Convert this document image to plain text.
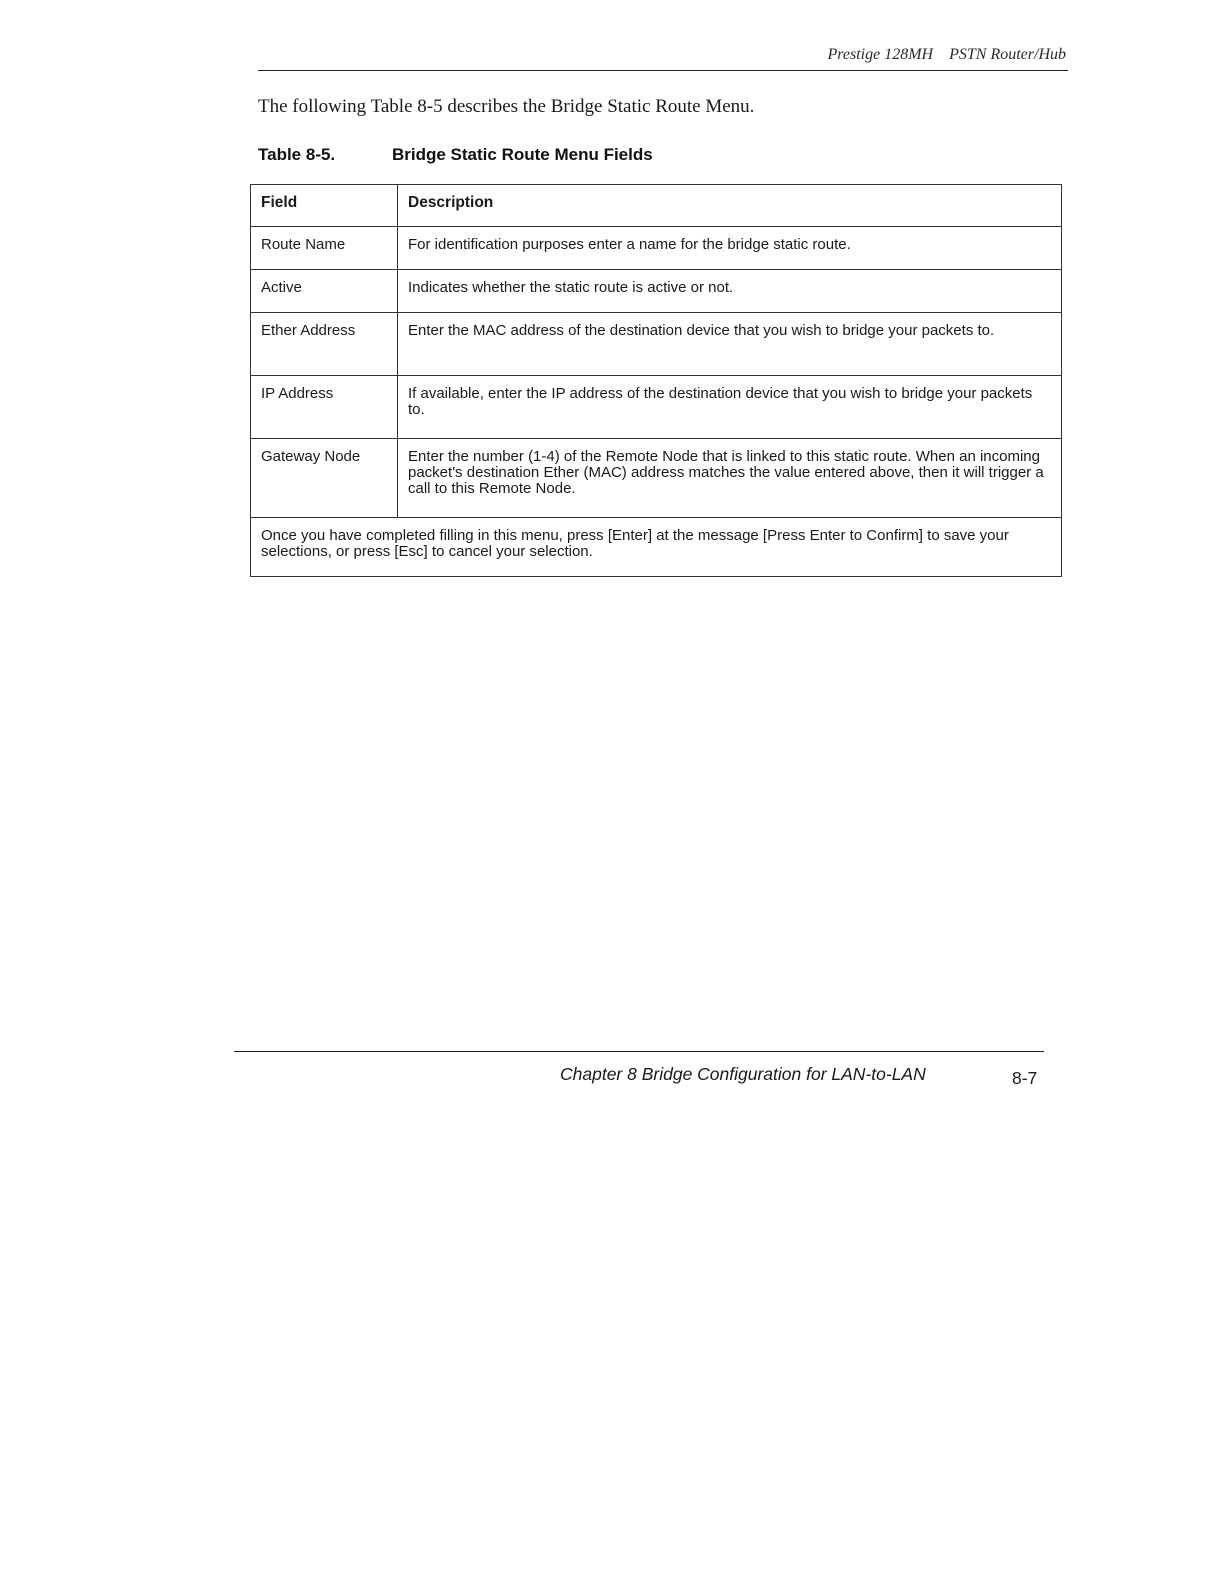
Prestige 128MH PSTN Router/Hub
The following Table 8-5 describes the Bridge Static Route Menu.
Table 8-5.	Bridge Static Route Menu Fields
Field	Description
Route Name	For identification purposes enter a name for the bridge static route.
Active	Indicates whether the static route is active or not.
Ether Address	Enter the MAC address of the destination device that you wish to bridge your packets to.
IP Address	If available, enter the IP address of the destination device that you wish to bridge your packets to.
Gateway Node	Enter the number (1-4) of the Remote Node that is linked to this static route. When an incoming packet's destination Ether (MAC) address matches the value entered above, then it will trigger a call to this Remote Node.
Once you have completed filling in this menu, press [Enter] at the message [Press Enter to Confirm] to save your selections, or press [Esc] to cancel your selection.	
Chapter 8 Bridge Configuration for LAN-to-LAN	8-7
